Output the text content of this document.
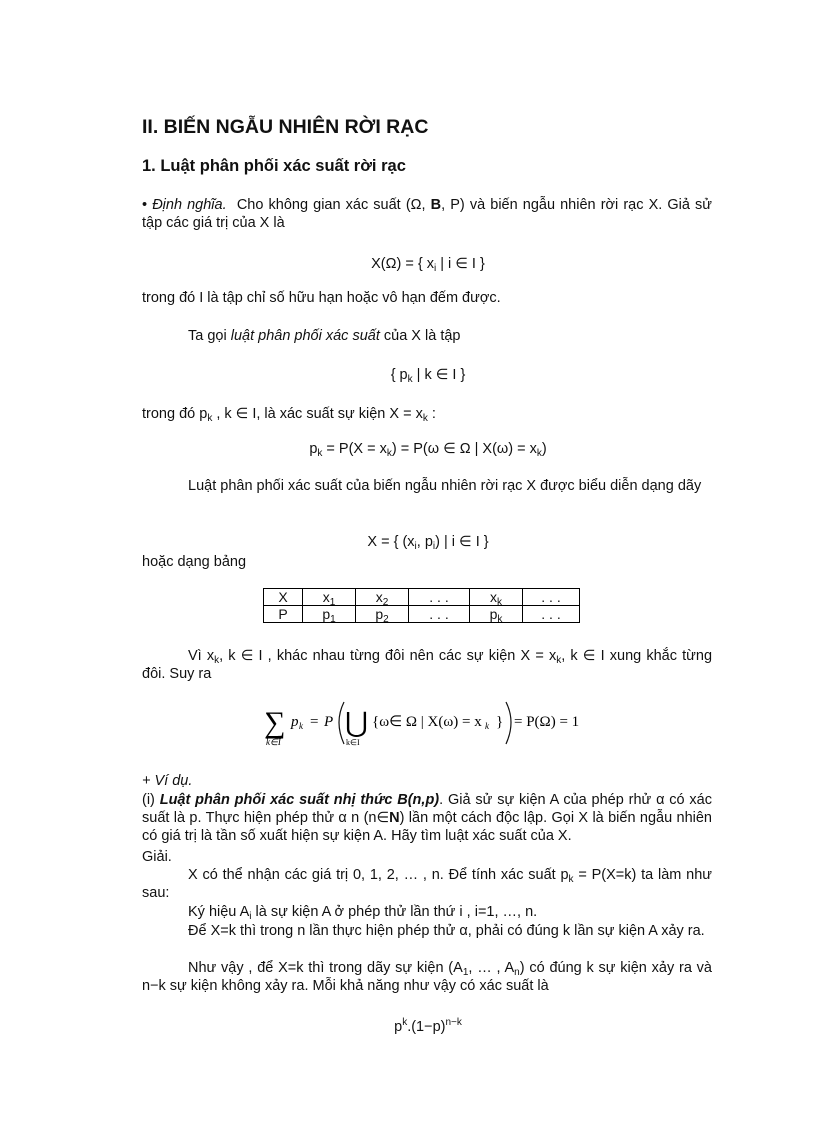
II. BIẾN NGẪU NHIÊN RỜI RẠC
1. Luật phân phối xác suất rời rạc
• Định nghĩa. Cho không gian xác suất (Ω, B, P) và biến ngẫu nhiên rời rạc X. Giả sử tập các giá trị của X là
X(Ω) = { $x_i$ | i ∈ I }
trong đó I là tập chỉ số hữu hạn hoặc vô hạn đếm được.
Ta gọi luật phân phối xác suất của X là tập
{ $p_k$ | k ∈ I }
trong đó $p_k$ , k ∈ I, là xác suất sự kiện $X = x_k$ :
$p_k = P(X = x_k) = P(\omega$ ∈ Ω | $X(\omega) = x_k$)
Luật phân phối xác suất của biến ngẫu nhiên rời rạc X được biểu diễn dạng dãy
X = { ($x_i$, $p_i$) | i ∈ I }
hoặc dạng bảng
X	$x_1$	$x_2$	. . .	$x_k$	. . .
P	$p_1$	$p_2$	. . .	$p_k$	. . .
Vì $x_k$, k ∈ I , khác nhau từng đôi nên các sự kiện $X = x_k$, k ∈ I xung khắc từng đôi. Suy ra
∑
k∈I
p k = P ⋃
k∈I
{ω∈ Ω | X(ω) = x k } = P(Ω) = 1
+ Ví dụ.
(i) Luật phân phối xác suất nhị thức B(n,p). Giả sử sự kiện A của phép rhử α có xác suất là p. Thực hiện phép thử α n (n∈N) lần một cách độc lập. Gọi X là biến ngẫu nhiên có giá trị là tần số xuất hiện sự kiện A. Hãy tìm luật xác suất của X.
Giải.
X có thể nhận các giá trị 0, 1, 2, … , n. Để tính xác suất $p_k = P(X=k)$ ta làm như sau:
Ký hiệu $A_i$ là sự kiện A ở phép thử lần thứ i , i=1, …, n.
Để X=k thì trong n lần thực hiện phép thử α, phải có đúng k lần sự kiện A xảy ra.
Như vậy , để X=k thì trong dãy sự kiện ($A_1$, … , $A_n$) có đúng k sự kiện xảy ra và n−k sự kiện không xảy ra. Mỗi khả năng như vậy có xác suất là
$p^k.(1-p)^{n-k}$
